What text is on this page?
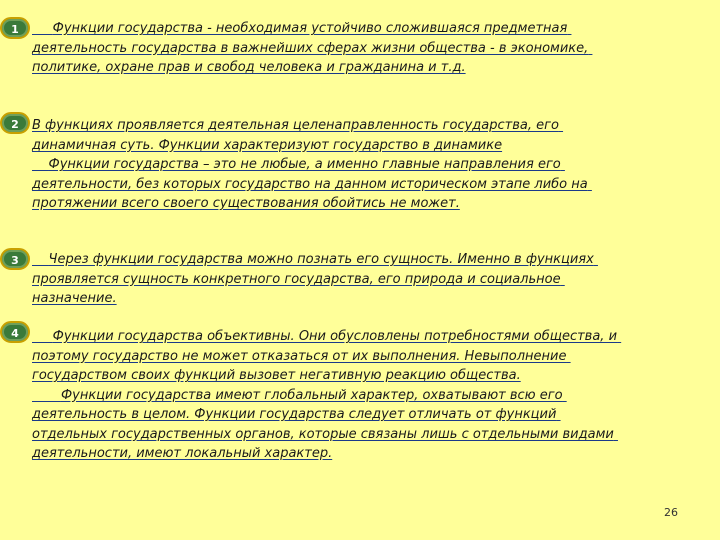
1	Функции государства - необходимая устойчиво сложившаяся предметная деятельность государства в важнейших сферах жизни общества - в экономике, политике, охране прав и свобод человека и гражданина и т.д.

2	В функциях проявляется деятельная целенаправленность государства, его динамичная суть. Функции характеризуют государство в динамике
Функции государства – это не любые, а именно главные направления его деятельности, без которых государство на данном историческом этапе либо на протяжении всего своего существования обойтись не может.

3	Через функции государства можно познать его сущность. Именно в функциях проявляется сущность конкретного государства, его природа и социальное назначение.

4	Функции государства объективны. Они обусловлены потребностями общества, и поэтому государство не может отказаться от их выполнения. Невыполнение государством своих функций вызовет негативную реакцию общества.
Функции государства имеют глобальный характер, охватывают всю его деятельность в целом. Функции государства следует отличать от функций отдельных государственных органов, которые связаны лишь с отдельными видами деятельности, имеют локальный характер.

26
